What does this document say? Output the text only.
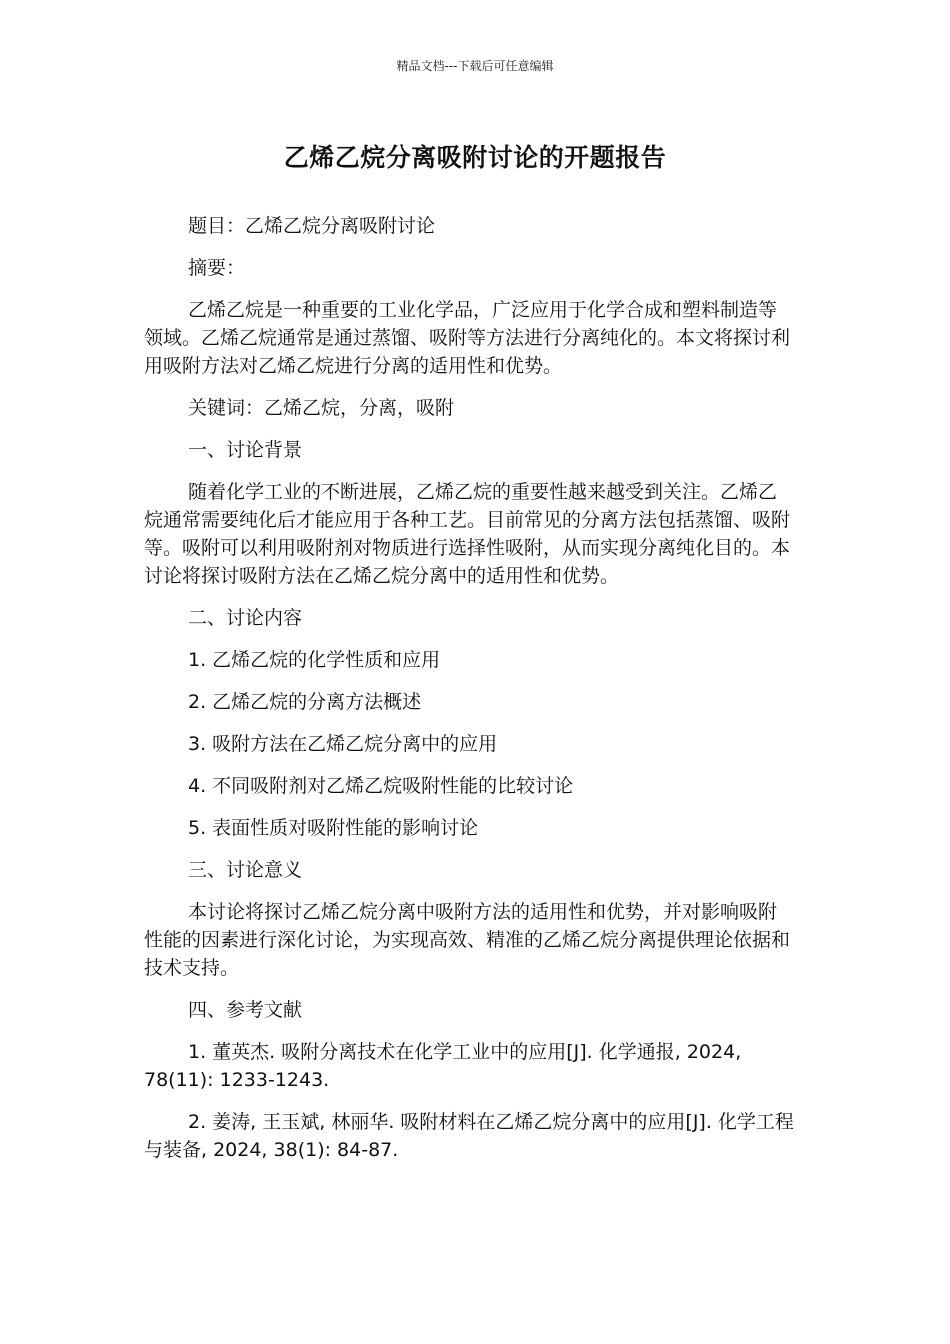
精品文档---下载后可任意编辑
乙烯乙烷分离吸附讨论的开题报告

题目：乙烯乙烷分离吸附讨论

摘要：

乙烯乙烷是一种重要的工业化学品，广泛应用于化学合成和塑料制造等领域。乙烯乙烷通常是通过蒸馏、吸附等方法进行分离纯化的。本文将探讨利用吸附方法对乙烯乙烷进行分离的适用性和优势。

关键词：乙烯乙烷，分离，吸附

一、讨论背景

随着化学工业的不断进展，乙烯乙烷的重要性越来越受到关注。乙烯乙烷通常需要纯化后才能应用于各种工艺。目前常见的分离方法包括蒸馏、吸附等。吸附可以利用吸附剂对物质进行选择性吸附，从而实现分离纯化目的。本讨论将探讨吸附方法在乙烯乙烷分离中的适用性和优势。

二、讨论内容

1. 乙烯乙烷的化学性质和应用

2. 乙烯乙烷的分离方法概述

3. 吸附方法在乙烯乙烷分离中的应用

4. 不同吸附剂对乙烯乙烷吸附性能的比较讨论

5. 表面性质对吸附性能的影响讨论

三、讨论意义

本讨论将探讨乙烯乙烷分离中吸附方法的适用性和优势，并对影响吸附性能的因素进行深化讨论，为实现高效、精准的乙烯乙烷分离提供理论依据和技术支持。

四、参考文献

1. 董英杰. 吸附分离技术在化学工业中的应用[J]. 化学通报, 2024, 78(11): 1233-1243.

2. 姜涛, 王玉斌, 林丽华. 吸附材料在乙烯乙烷分离中的应用[J]. 化学工程与装备, 2024, 38(1): 84-87.
